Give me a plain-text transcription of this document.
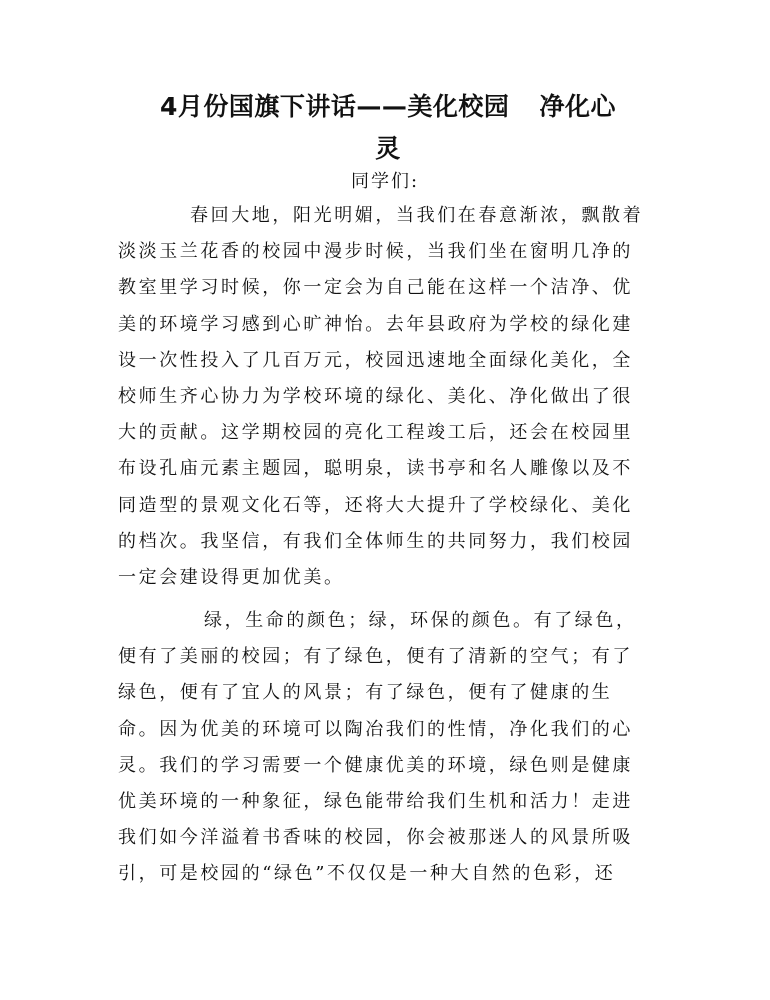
4月份国旗下讲话——美化校园 净化心
灵

同学们:

春回大地，阳光明媚，当我们在春意渐浓，飘散着
淡淡玉兰花香的校园中漫步时候，当我们坐在窗明几净的
教室里学习时候，你一定会为自己能在这样一个洁净、优
美的环境学习感到心旷神怡。去年县政府为学校的绿化建
设一次性投入了几百万元，校园迅速地全面绿化美化，全
校师生齐心协力为学校环境的绿化、美化、净化做出了很
大的贡献。这学期校园的亮化工程竣工后，还会在校园里
布设孔庙元素主题园，聪明泉，读书亭和名人雕像以及不
同造型的景观文化石等，还将大大提升了学校绿化、美化
的档次。我坚信，有我们全体师生的共同努力，我们校园
一定会建设得更加优美。
绿，生命的颜色；绿，环保的颜色。有了绿色，
便有了美丽的校园；有了绿色，便有了清新的空气；有了
绿色，便有了宜人的风景；有了绿色，便有了健康的生
命。因为优美的环境可以陶冶我们的性情，净化我们的心
灵。我们的学习需要一个健康优美的环境，绿色则是健康
优美环境的一种象征，绿色能带给我们生机和活力！走进
我们如今洋溢着书香味的校园，你会被那迷人的风景所吸
引，可是校园的“绿色”不仅仅是一种大自然的色彩，还
